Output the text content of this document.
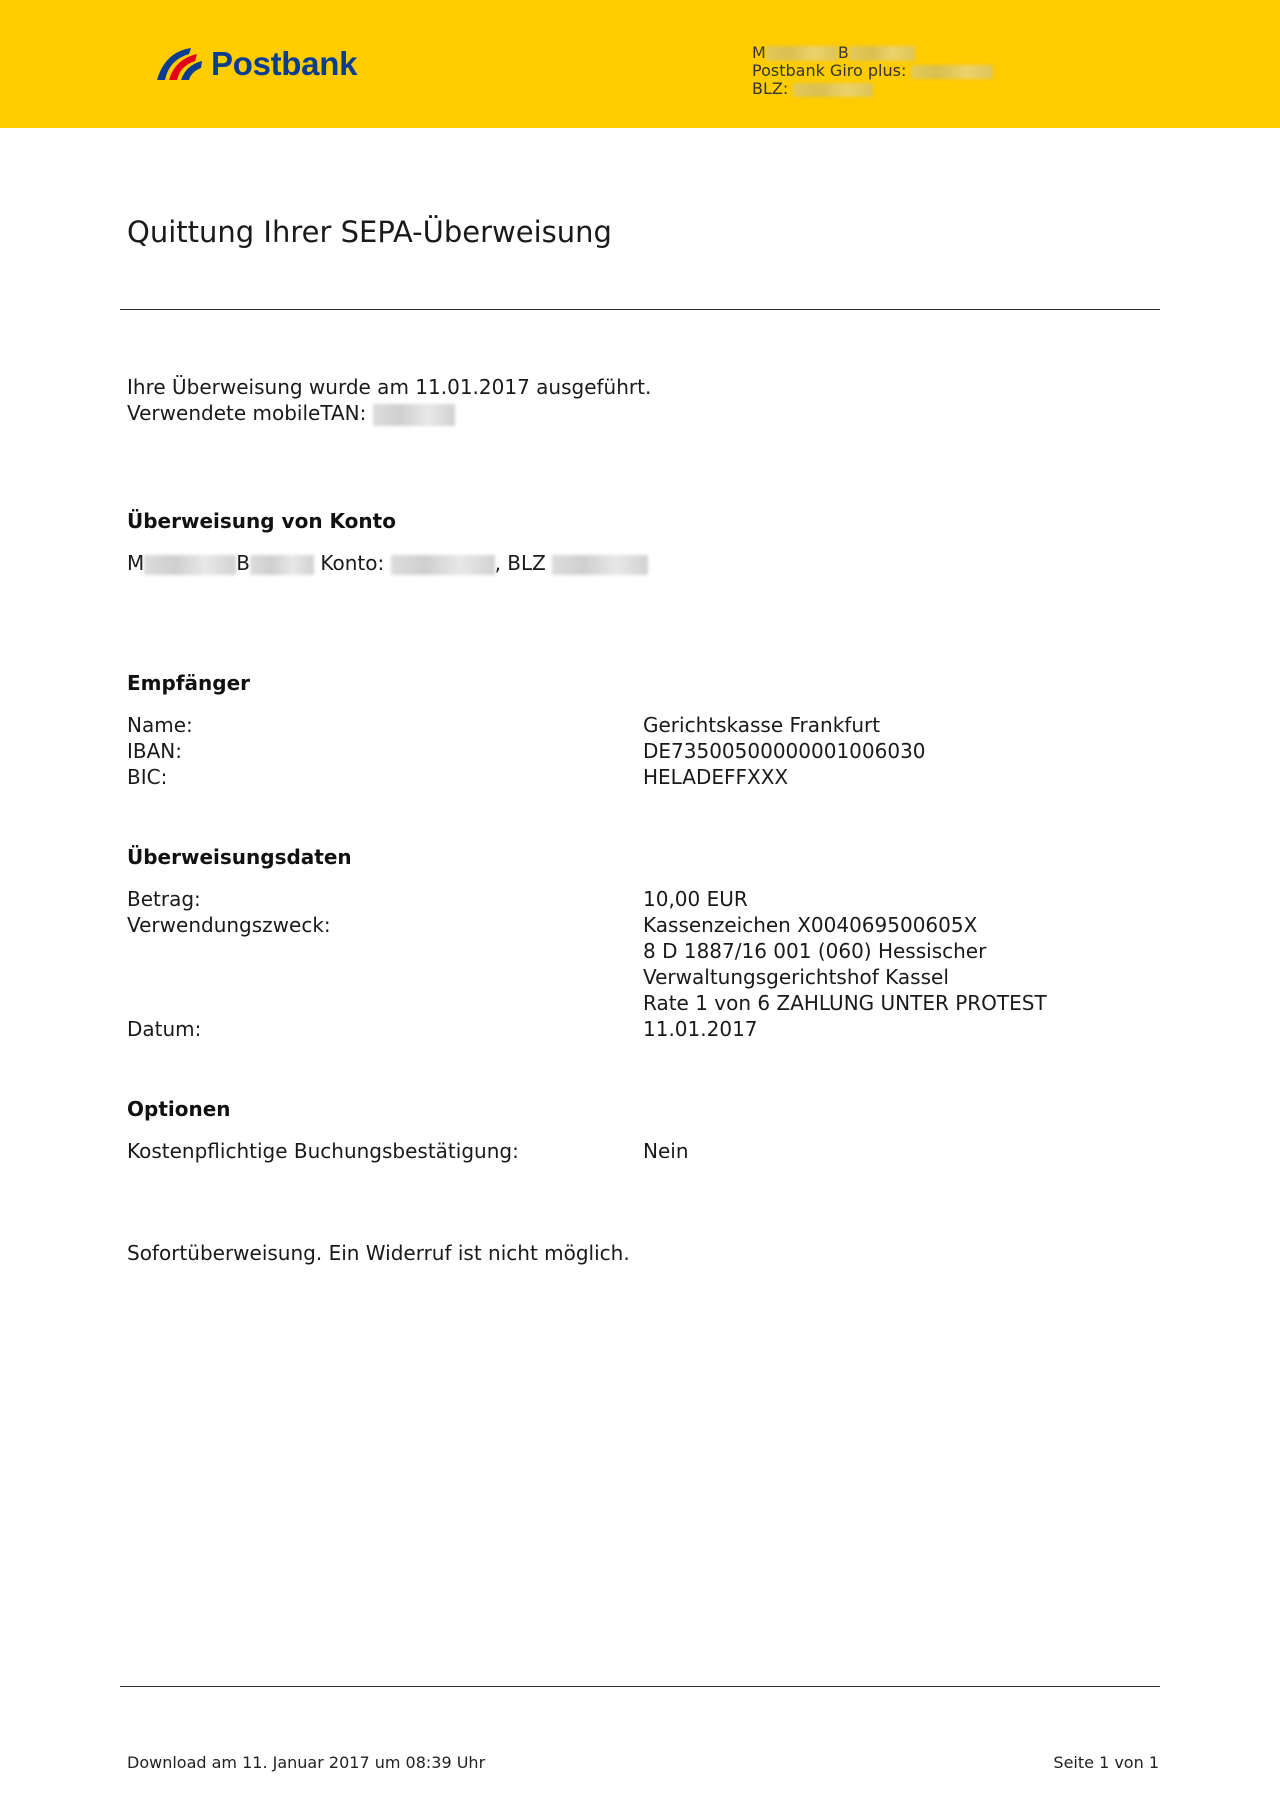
Postbank	M	B
Postbank Giro plus:
BLZ:
Quittung Ihrer SEPA-Überweisung
Ihre Überweisung wurde am 11.01.2017 ausgeführt.
Verwendete mobileTAN:
Überweisung von Konto
M	B	Konto:	, BLZ
Empfänger
Name:	Gerichtskasse Frankfurt
IBAN:	DE73500500000001006030
BIC:	HELADEFFXXX
Überweisungsdaten
Betrag:	10,00 EUR
Verwendungszweck:	Kassenzeichen X004069500605X
8 D 1887/16 001 (060) Hessischer
Verwaltungsgerichtshof Kassel
Rate 1 von 6 ZAHLUNG UNTER PROTEST
Datum:	11.01.2017
Optionen
Kostenpflichtige Buchungsbestätigung:	Nein
Sofortüberweisung. Ein Widerruf ist nicht möglich.
Download am 11. Januar 2017 um 08:39 Uhr	Seite 1 von 1
